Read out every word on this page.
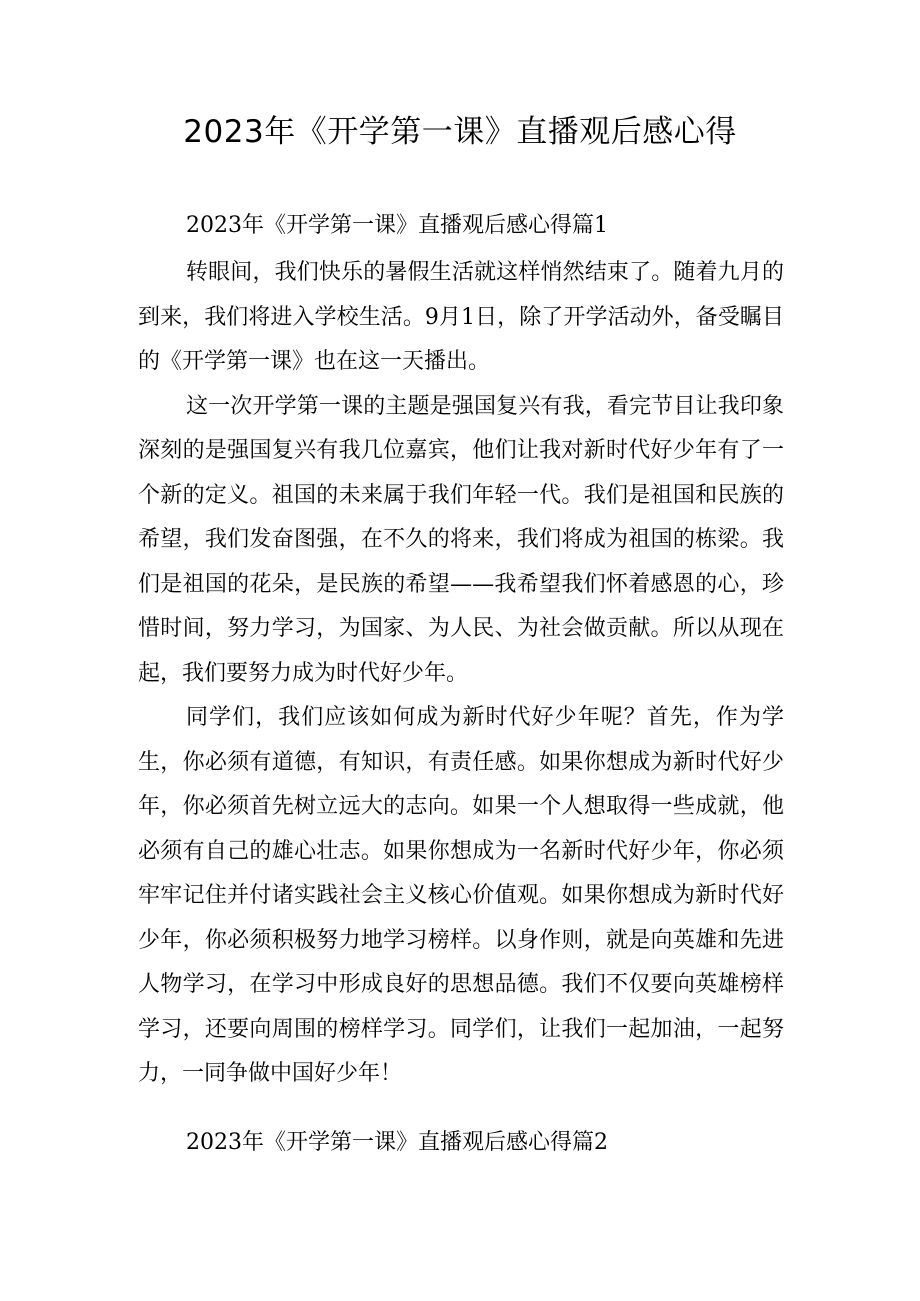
2023年《开学第一课》直播观后感心得

2023年《开学第一课》直播观后感心得篇1

转眼间，我们快乐的暑假生活就这样悄然结束了。随着九月的到来，我们将进入学校生活。9月1日，除了开学活动外，备受瞩目的《开学第一课》也在这一天播出。

这一次开学第一课的主题是强国复兴有我，看完节目让我印象深刻的是强国复兴有我几位嘉宾，他们让我对新时代好少年有了一个新的定义。祖国的未来属于我们年轻一代。我们是祖国和民族的希望，我们发奋图强，在不久的将来，我们将成为祖国的栋梁。我们是祖国的花朵，是民族的希望——我希望我们怀着感恩的心，珍惜时间，努力学习，为国家、为人民、为社会做贡献。所以从现在起，我们要努力成为时代好少年。

同学们，我们应该如何成为新时代好少年呢？首先，作为学生，你必须有道德，有知识，有责任感。如果你想成为新时代好少年，你必须首先树立远大的志向。如果一个人想取得一些成就，他必须有自己的雄心壮志。如果你想成为一名新时代好少年，你必须牢牢记住并付诸实践社会主义核心价值观。如果你想成为新时代好少年，你必须积极努力地学习榜样。以身作则，就是向英雄和先进人物学习，在学习中形成良好的思想品德。我们不仅要向英雄榜样学习，还要向周围的榜样学习。同学们，让我们一起加油，一起努力，一同争做中国好少年！

2023年《开学第一课》直播观后感心得篇2
